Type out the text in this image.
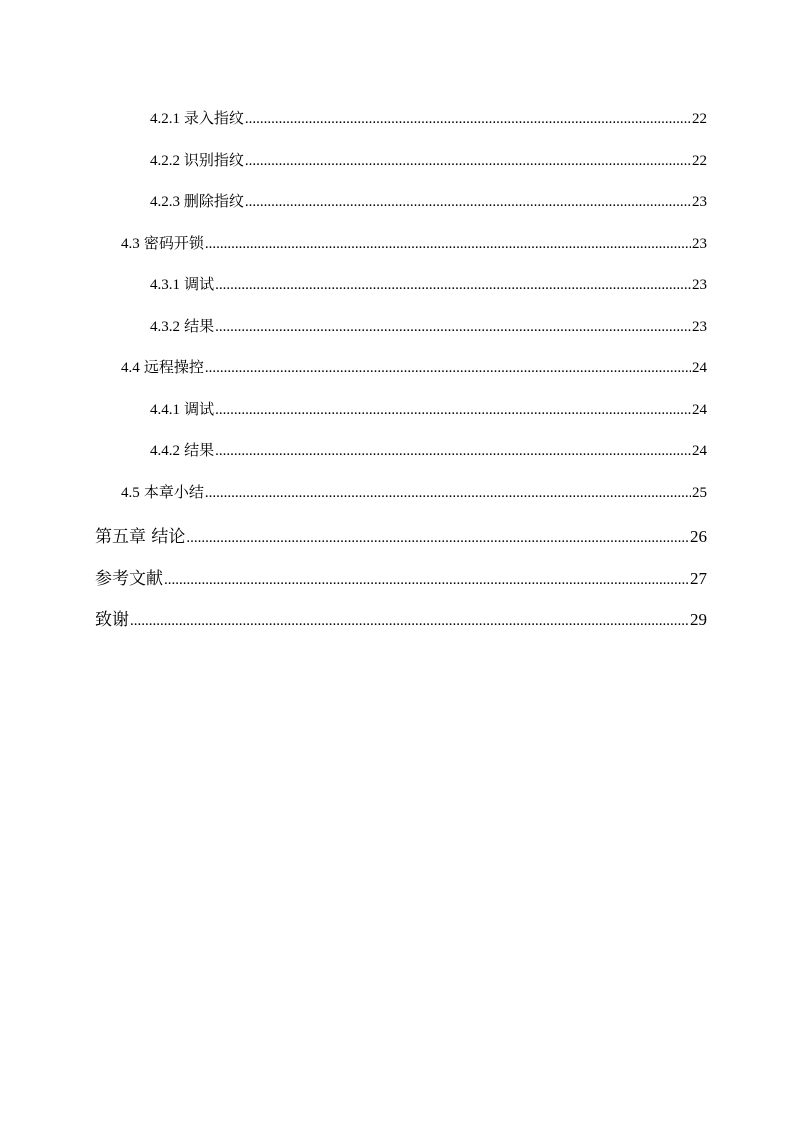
4.2.1 录入指纹 .....	22
4.2.2 识别指纹 .....	22
4.2.3 删除指纹 .....	23
4.3 密码开锁 .....	23
4.3.1 调试 .....	23
4.3.2 结果 .....	23
4.4 远程操控 .....	24
4.4.1 调试 .....	24
4.4.2 结果 .....	24
4.5 本章小结 .....	25
第五章 结论 .....	26
参考文献 .....	27
致谢 .....	29
